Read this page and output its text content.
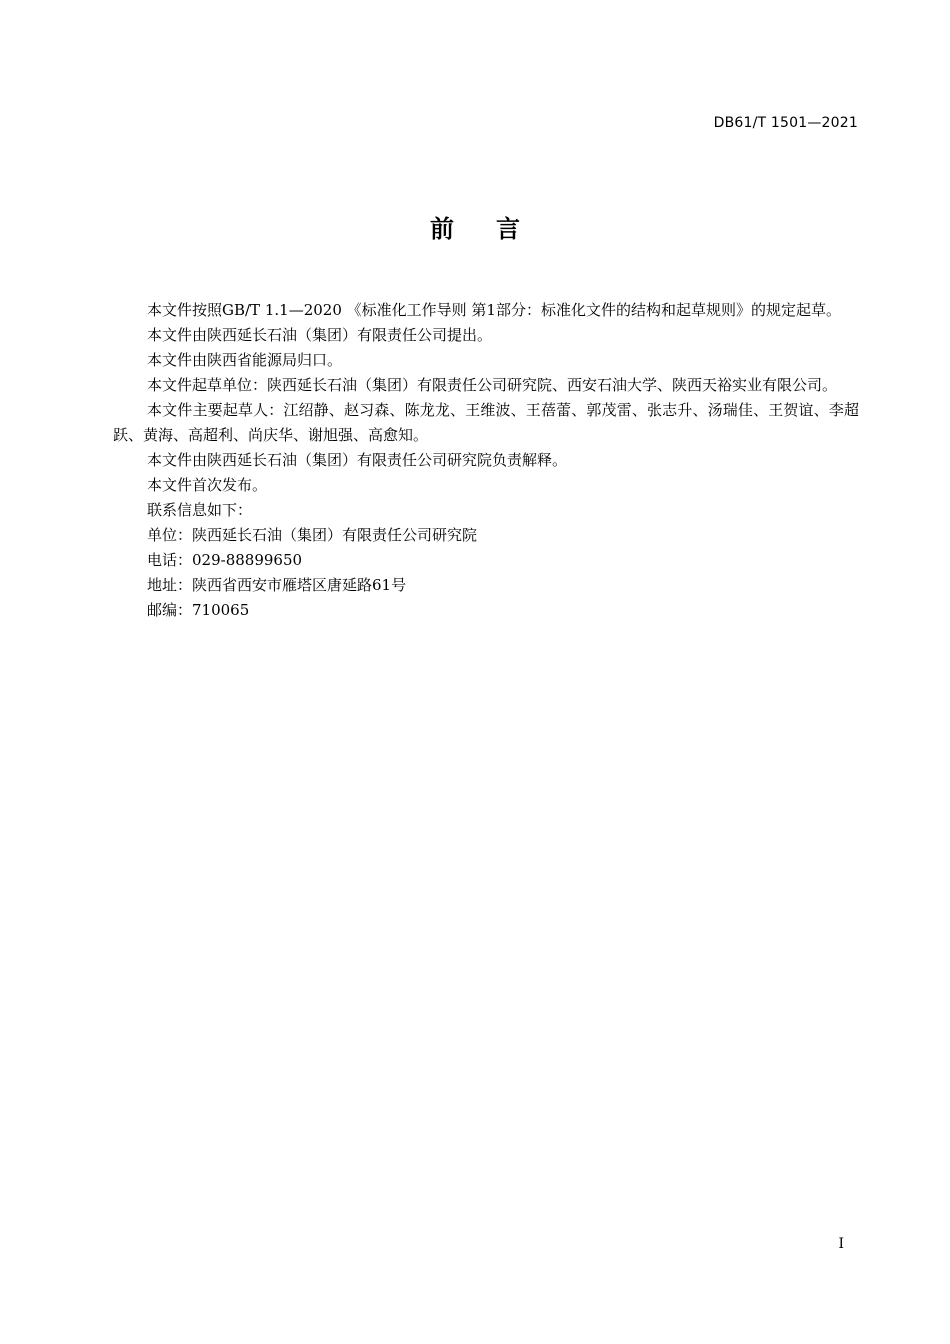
DB61/T 1501—2021
前 言

本文件按照GB/T 1.1—2020 《标准化工作导则 第1部分：标准化文件的结构和起草规则》的规定起草。

本文件由陕西延长石油（集团）有限责任公司提出。

本文件由陕西省能源局归口。

本文件起草单位：陕西延长石油（集团）有限责任公司研究院、西安石油大学、陕西天裕实业有限公司。

本文件主要起草人：江绍静、赵习森、陈龙龙、王维波、王蓓蕾、郭茂雷、张志升、汤瑞佳、王贺谊、李超跃、黄海、高超利、尚庆华、谢旭强、高愈知。

本文件由陕西延长石油（集团）有限责任公司研究院负责解释。

本文件首次发布。

联系信息如下：

单位：陕西延长石油（集团）有限责任公司研究院

电话：029-88899650

地址：陕西省西安市雁塔区唐延路61号

邮编：710065

I
